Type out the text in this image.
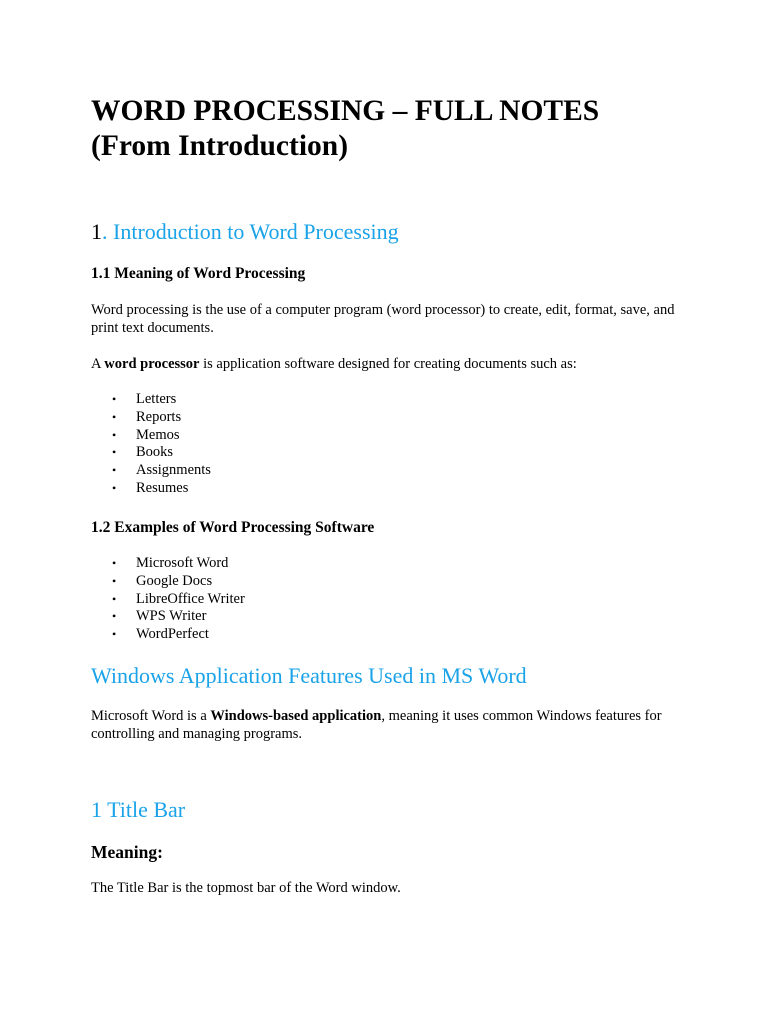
WORD PROCESSING – FULL NOTES
(From Introduction)
1. Introduction to Word Processing
1.1 Meaning of Word Processing

Word processing is the use of a computer program (word processor) to create, edit, format, save, and print text documents.

A word processor is application software designed for creating documents such as:

• Letters
• Reports
• Memos
• Books
• Assignments
• Resumes
1.2 Examples of Word Processing Software
• Microsoft Word
• Google Docs
• LibreOffice Writer
• WPS Writer
• WordPerfect
Windows Application Features Used in MS Word

Microsoft Word is a Windows-based application, meaning it uses common Windows features for controlling and managing programs.

1 Title Bar
Meaning:

The Title Bar is the topmost bar of the Word window.
